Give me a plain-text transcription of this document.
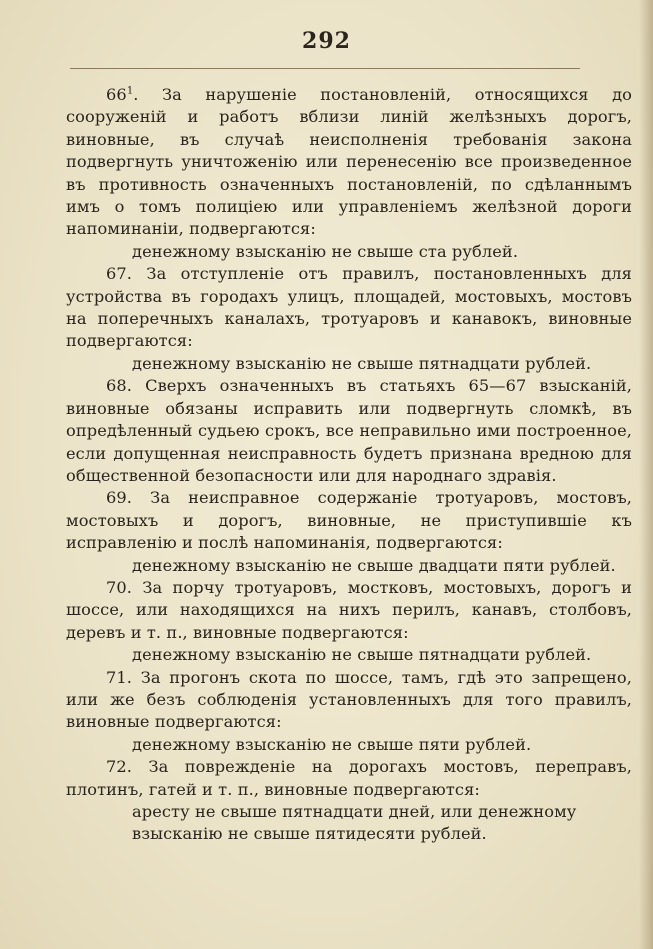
292

$66^1$. За нарушеніе постановленій, относящихся до сооруженій и работъ вблизи линій желѣзныхъ дорогъ, виновные, въ случаѣ неисполненія требованія закона подвергнуть уничтоженію или перенесенію все произведенное въ противность означенныхъ постановленій, по сдѣланнымъ имъ о томъ полиціею или управленіемъ желѣзной дороги напоминаніи, подвергаются:

денежному взысканію не свыше ста рублей.

67. За отступленіе отъ правилъ, постановленныхъ для устройства въ городахъ улицъ, площадей, мостовыхъ, мостовъ на поперечныхъ каналахъ, тротуаровъ и канавокъ, виновные подвергаются:

денежному взысканію не свыше пятнадцати рублей.

68. Сверхъ означенныхъ въ статьяхъ 65—67 взысканій, виновные обязаны исправить или подвергнуть сломкѣ, въ опредѣленный судьею срокъ, все неправильно ими построенное, если допущенная неисправность будетъ признана вредною для общественной безопасности или для народнаго здравія.

69. За неисправное содержаніе тротуаровъ, мостовъ, мостовыхъ и дорогъ, виновные, не приступившіе къ исправленію и послѣ напоминанія, подвергаются:

денежному взысканію не свыше двадцати пяти рублей.

70. За порчу тротуаровъ, мостковъ, мостовыхъ, дорогъ и шоссе, или находящихся на нихъ перилъ, канавъ, столбовъ, деревъ и т. п., виновные подвергаются:

денежному взысканію не свыше пятнадцати рублей.

71. За прогонъ скота по шоссе, тамъ, гдѣ это запрещено, или же безъ соблюденія установленныхъ для того правилъ, виновные подвергаются:

денежному взысканію не свыше пяти рублей.

72. За поврежденіе на дорогахъ мостовъ, переправъ, плотинъ, гатей и т. п., виновные подвергаются:

аресту не свыше пятнадцати дней, или денежному взысканію не свыше пятидесяти рублей.
